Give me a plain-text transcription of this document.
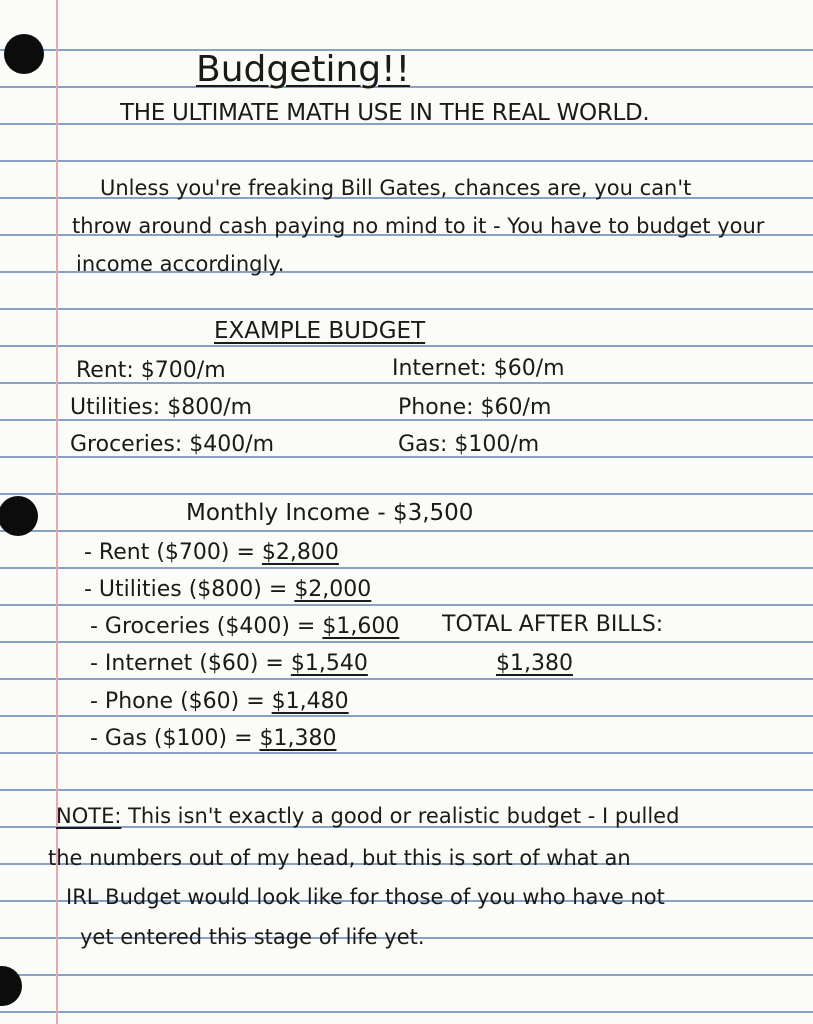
Budgeting!!
THE ULTIMATE MATH USE IN THE REAL WORLD.
Unless you're freaking Bill Gates, chances are, you can't
throw around cash paying no mind to it - You have to budget your
income accordingly.
EXAMPLE BUDGET
Rent: $700/m
Utilities: $800/m
Groceries: $400/m
Internet: $60/m
Phone: $60/m
Gas: $100/m
Monthly Income - $3,500
- Rent ($700) = $2,800
- Utilities ($800) = $2,000
- Groceries ($400) = $1,600
- Internet ($60) = $1,540
- Phone ($60) = $1,480
- Gas ($100) = $1,380
TOTAL AFTER BILLS:
$1,380
NOTE: This isn't exactly a good or realistic budget - I pulled
the numbers out of my head, but this is sort of what an
IRL Budget would look like for those of you who have not
yet entered this stage of life yet.
